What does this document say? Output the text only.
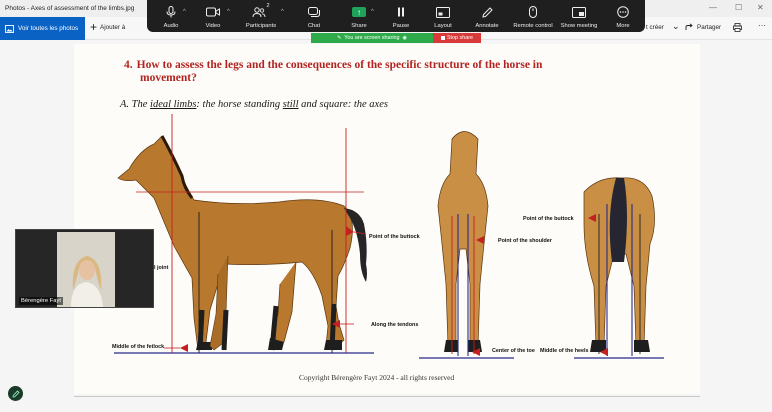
Photos - Axes of assessment of the limbs.jpg	— ☐ ✕
Voir toutes les photos + Ajouter à	t créer ⌄	Partager	···
4. How to assess the legs and the consequences of the specific structure of the horse in
movement?
A. The ideal limbs: the horse standing still and square: the axes
Point of the buttock
l joint
Along the tendons
Middle of the fetlock
Point of the shoulder
Center of the toe Middle of the heels
Point of the buttock
Copyright Bérengère Fayt 2024 - all rights reserved
Audio
^
Video
^
2
Participants
^
Chat
↑
Share
^
Pause	Layout	Annotate	Remote control	Show meeting	More
✎ You are screen sharing ◉	Stop share
Bérengère Fayt
